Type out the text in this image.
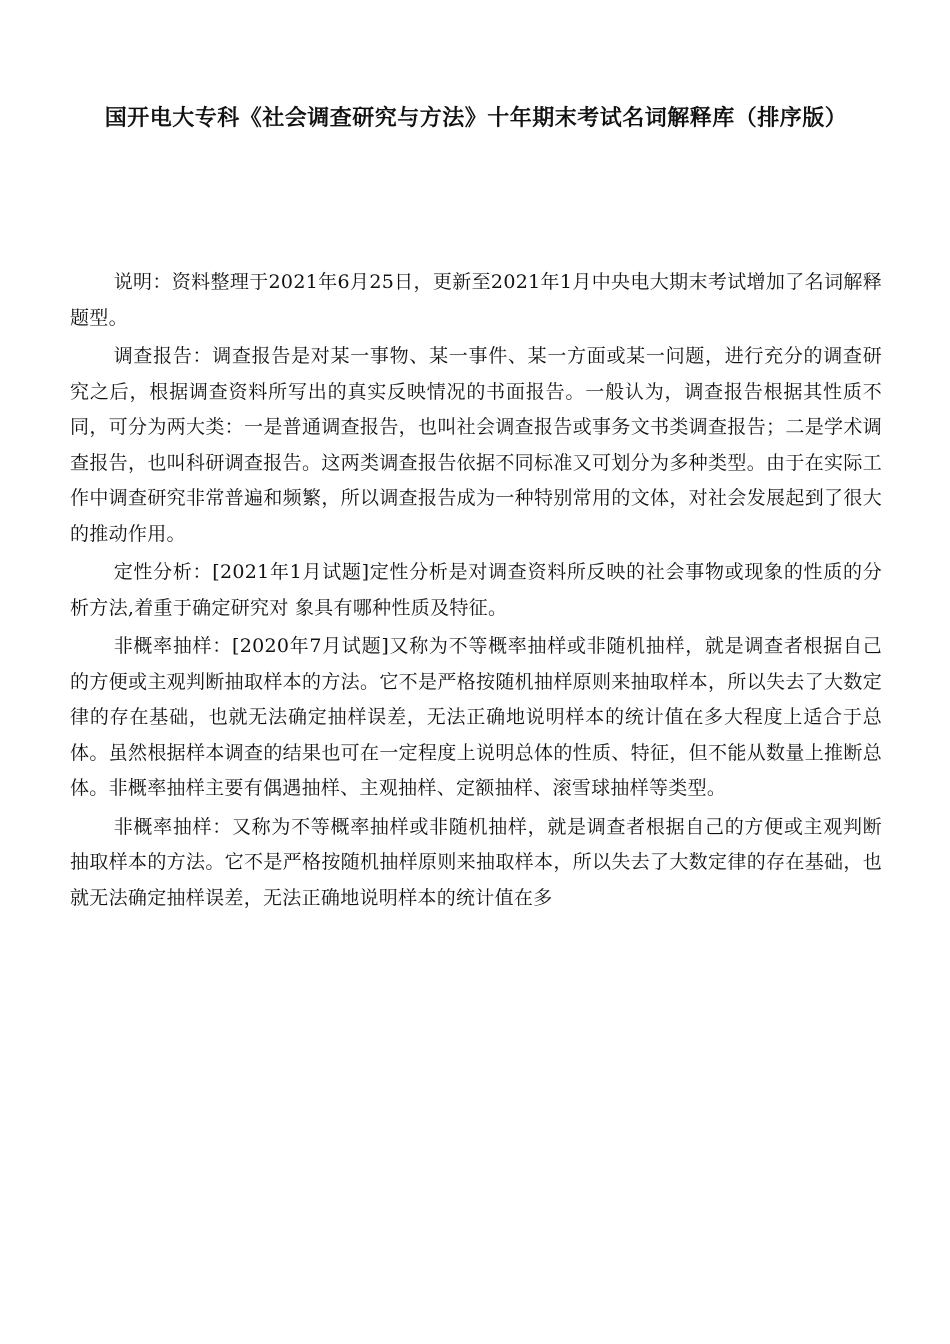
国开电大专科《社会调查研究与方法》十年期末考试名词解释库（排序版）

说明：资料整理于2021年6月25日，更新至2021年1月中央电大期末考试增加了名词解释题型。

调查报告：调查报告是对某一事物、某一事件、某一方面或某一问题，进行充分的调查研究之后，根据调查资料所写出的真实反映情况的书面报告。一般认为，调查报告根据其性质不同，可分为两大类：一是普通调查报告，也叫社会调查报告或事务文书类调查报告；二是学术调查报告，也叫科研调查报告。这两类调查报告依据不同标准又可划分为多种类型。由于在实际工作中调查研究非常普遍和频繁，所以调查报告成为一种特别常用的文体，对社会发展起到了很大的推动作用。

定性分析：[2021年1月试题]定性分析是对调查资料所反映的社会事物或现象的性质的分析方法,着重于确定研究对 象具有哪种性质及特征。

非概率抽样：[2020年7月试题]又称为不等概率抽样或非随机抽样，就是调查者根据自己的方便或主观判断抽取样本的方法。它不是严格按随机抽样原则来抽取样本，所以失去了大数定律的存在基础，也就无法确定抽样误差，无法正确地说明样本的统计值在多大程度上适合于总体。虽然根据样本调查的结果也可在一定程度上说明总体的性质、特征，但不能从数量上推断总体。非概率抽样主要有偶遇抽样、主观抽样、定额抽样、滚雪球抽样等类型。

非概率抽样：又称为不等概率抽样或非随机抽样，就是调查者根据自己的方便或主观判断抽取样本的方法。它不是严格按随机抽样原则来抽取样本，所以失去了大数定律的存在基础，也就无法确定抽样误差，无法正确地说明样本的统计值在多
